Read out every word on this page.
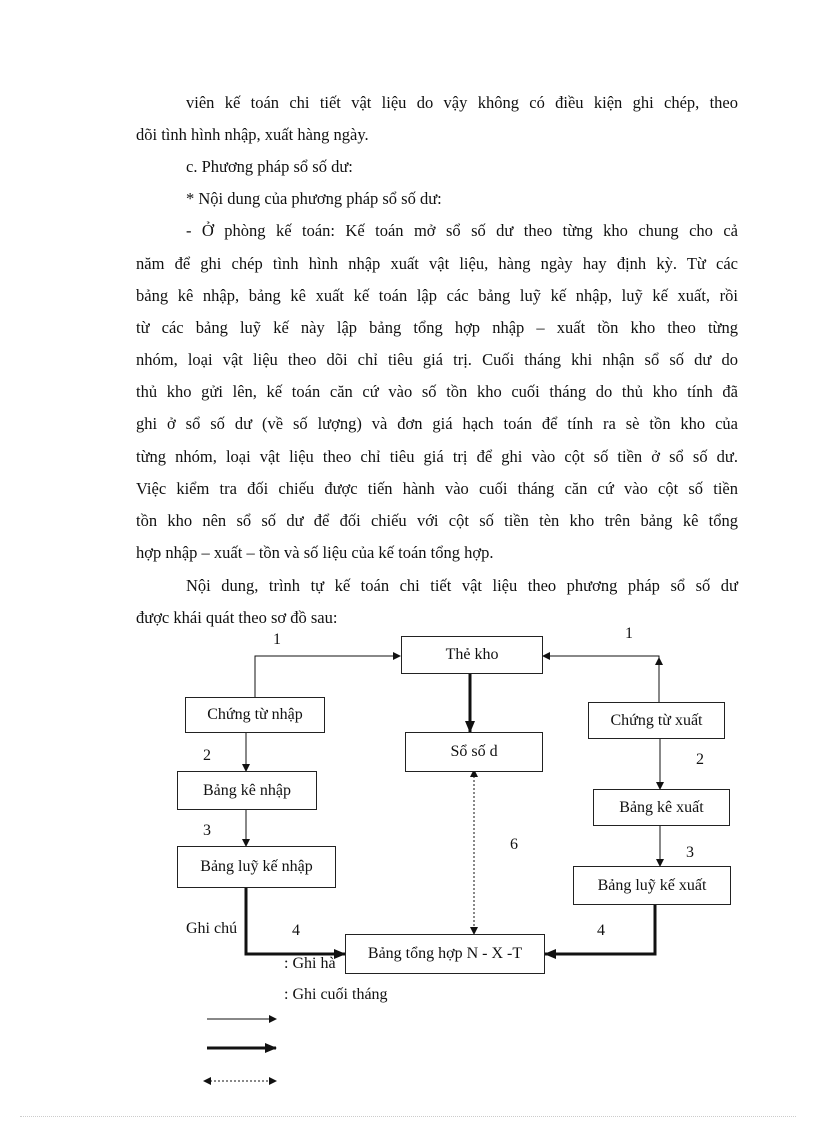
viên kế toán chi tiết vật liệu do vậy không có điều kiện ghi chép, theo
dõi tình hình nhập, xuất hàng ngày.
c. Phương pháp sổ số dư:
* Nội dung của phương pháp sổ số dư:
- Ở phòng kế toán: Kế toán mở sổ số dư theo từng kho chung cho cả
năm để ghi chép tình hình nhập xuất vật liệu, hàng ngày hay định kỳ. Từ các
bảng kê nhập, bảng kê xuất kế toán lập các bảng luỹ kế nhập, luỹ kế xuất, rồi
từ các bảng luỹ kế này lập bảng tổng hợp nhập – xuất tồn kho theo từng
nhóm, loại vật liệu theo dõi chỉ tiêu giá trị. Cuối tháng khi nhận sổ số dư do
thủ kho gửi lên, kế toán căn cứ vào số tồn kho cuối tháng do thủ kho tính đã
ghi ở sổ số dư (về số lượng) và đơn giá hạch toán để tính ra sè tồn kho của
từng nhóm, loại vật liệu theo chỉ tiêu giá trị để ghi vào cột số tiền ở sổ số dư.
Việc kiểm tra đối chiếu được tiến hành vào cuối tháng căn cứ vào cột số tiền
tồn kho nên sổ số dư để đối chiếu với cột số tiền tèn kho trên bảng kê tổng
hợp nhập – xuất – tồn và số liệu của kế toán tổng hợp.
Nội dung, trình tự kế toán chi tiết vật liệu theo phương pháp sổ số dư
được khái quát theo sơ đồ sau:
Thẻ kho
Sổ số d
Chứng từ nhập
Bảng kê nhập
Bảng luỹ kế nhập
Chứng từ xuất
Bảng kê xuất
Bảng luỹ kế xuất
Bảng tổng hợp N - X -T
1	1
2	2
3
3
4	4
6
Ghi chú
: Ghi hà
: Ghi cuối tháng
